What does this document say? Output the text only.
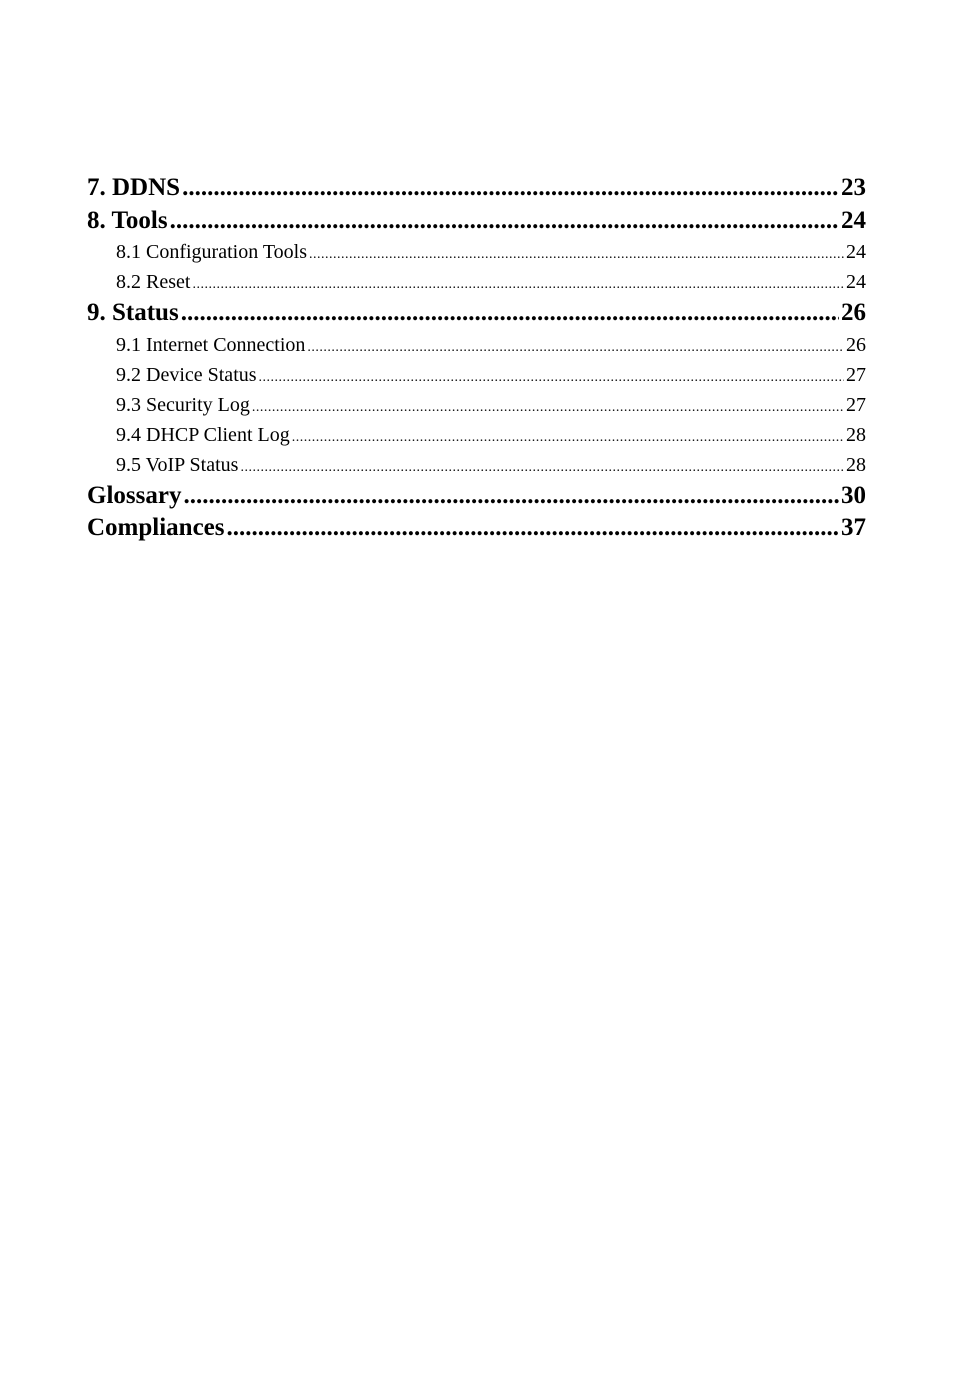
7. DDNS .....	23
8. Tools .....	24
8.1 Configuration Tools .....	24
8.2 Reset .....	24
9. Status .....	26
9.1 Internet Connection .....	26
9.2 Device Status .....	27
9.3 Security Log .....	27
9.4 DHCP Client Log .....	28
9.5 VoIP Status .....	28
Glossary .....	30
Compliances .....	37
